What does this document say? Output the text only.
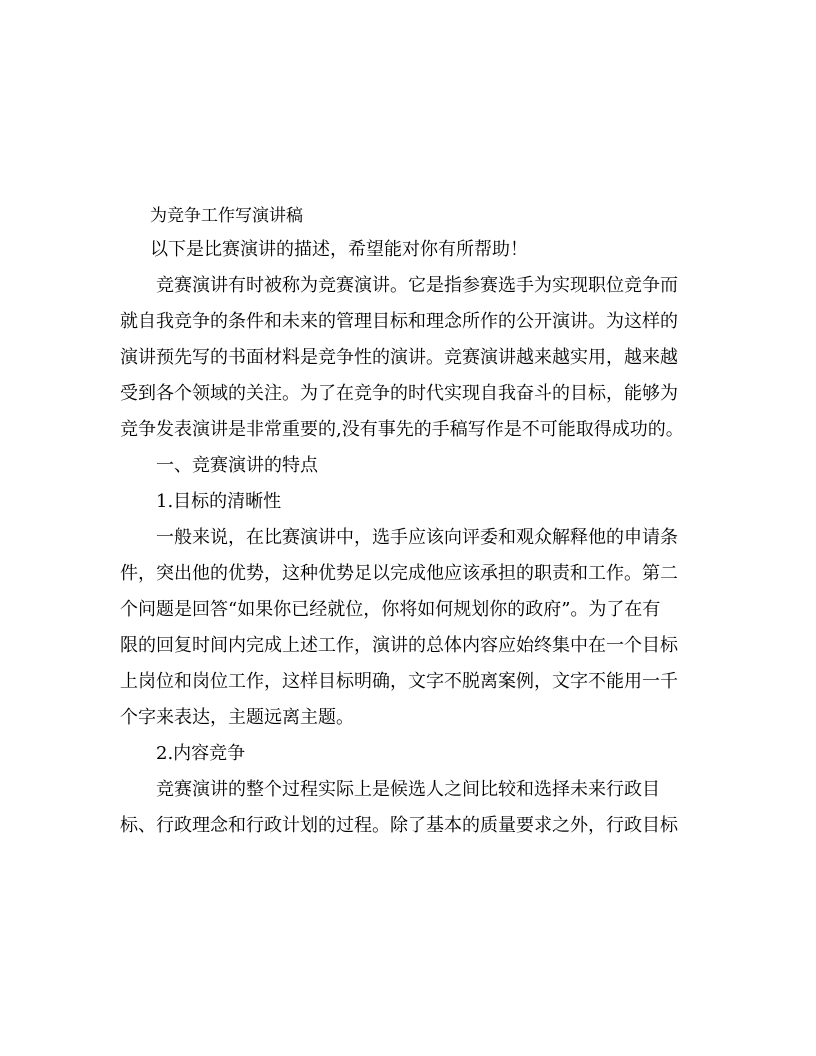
为竞争工作写演讲稿
以下是比赛演讲的描述，希望能对你有所帮助！
竞赛演讲有时被称为竞赛演讲。它是指参赛选手为实现职位竞争而
就自我竞争的条件和未来的管理目标和理念所作的公开演讲。为这样的
演讲预先写的书面材料是竞争性的演讲。竞赛演讲越来越实用，越来越
受到各个领域的关注。为了在竞争的时代实现自我奋斗的目标，能够为
竞争发表演讲是非常重要的,没有事先的手稿写作是不可能取得成功的。
一、竞赛演讲的特点
1.目标的清晰性
一般来说，在比赛演讲中，选手应该向评委和观众解释他的申请条
件，突出他的优势，这种优势足以完成他应该承担的职责和工作。第二
个问题是回答“如果你已经就位，你将如何规划你的政府”。为了在有
限的回复时间内完成上述工作，演讲的总体内容应始终集中在一个目标
上岗位和岗位工作，这样目标明确，文字不脱离案例，文字不能用一千
个字来表达，主题远离主题。
2.内容竞争
竞赛演讲的整个过程实际上是候选人之间比较和选择未来行政目
标、行政理念和行政计划的过程。除了基本的质量要求之外，行政目标
